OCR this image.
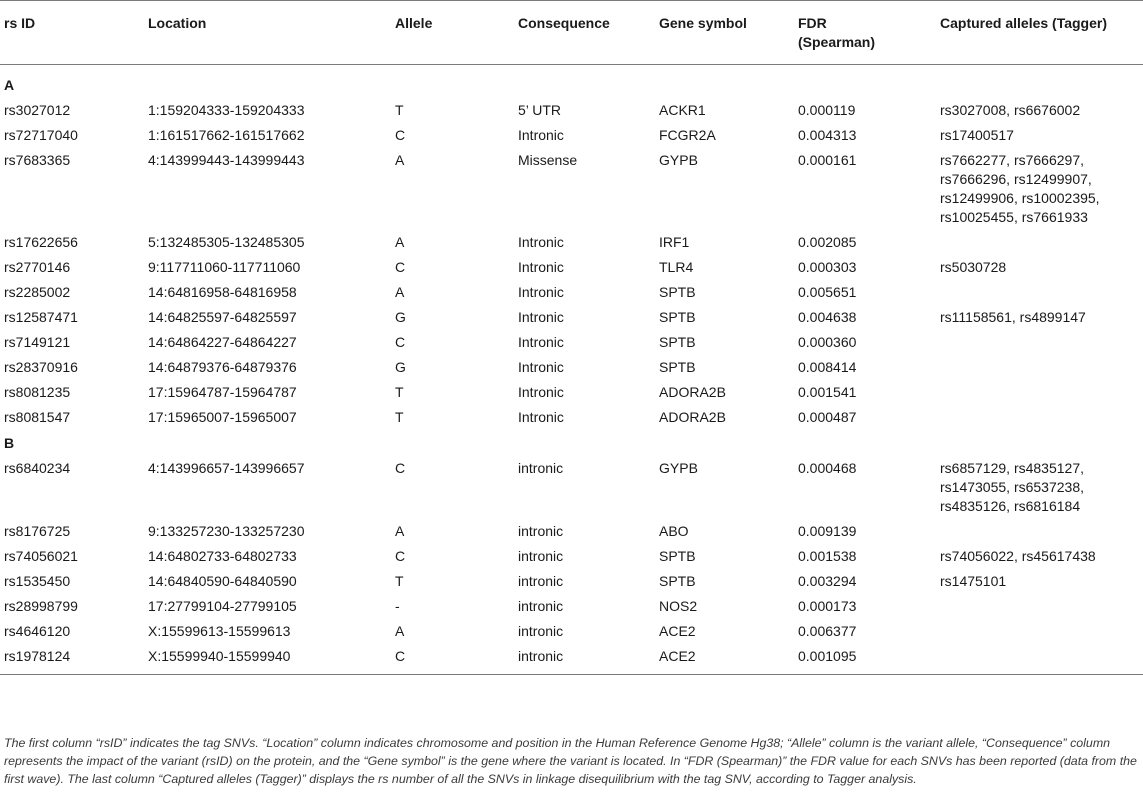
rs ID	Location	Allele	Consequence	Gene symbol	FDR (Spearman)	Captured alleles (Tagger)
A						
rs3027012	1:159204333-159204333	T	5’ UTR	ACKR1	0.000119	rs3027008, rs6676002
rs72717040	1:161517662-161517662	C	Intronic	FCGR2A	0.004313	rs17400517
rs7683365	4:143999443-143999443	A	Missense	GYPB	0.000161	rs7662277, rs7666297, rs7666296, rs12499907, rs12499906, rs10002395, rs10025455, rs7661933
rs17622656	5:132485305-132485305	A	Intronic	IRF1	0.002085	
rs2770146	9:117711060-117711060	C	Intronic	TLR4	0.000303	rs5030728
rs2285002	14:64816958-64816958	A	Intronic	SPTB	0.005651	
rs12587471	14:64825597-64825597	G	Intronic	SPTB	0.004638	rs11158561, rs4899147
rs7149121	14:64864227-64864227	C	Intronic	SPTB	0.000360	
rs28370916	14:64879376-64879376	G	Intronic	SPTB	0.008414	
rs8081235	17:15964787-15964787	T	Intronic	ADORA2B	0.001541	
rs8081547	17:15965007-15965007	T	Intronic	ADORA2B	0.000487	
B						
rs6840234	4:143996657-143996657	C	intronic	GYPB	0.000468	rs6857129, rs4835127, rs1473055, rs6537238, rs4835126, rs6816184
rs8176725	9:133257230-133257230	A	intronic	ABO	0.009139	
rs74056021	14:64802733-64802733	C	intronic	SPTB	0.001538	rs74056022, rs45617438
rs1535450	14:64840590-64840590	T	intronic	SPTB	0.003294	rs1475101
rs28998799	17:27799104-27799105	-	intronic	NOS2	0.000173	
rs4646120	X:15599613-15599613	A	intronic	ACE2	0.006377	
rs1978124	X:15599940-15599940	C	intronic	ACE2	0.001095	

The first column “rsID” indicates the tag SNVs. “Location” column indicates chromosome and position in the Human Reference Genome Hg38; “Allele” column is the variant allele, “Consequence” column represents the impact of the variant (rsID) on the protein, and the “Gene symbol” is the gene where the variant is located. In “FDR (Spearman)” the FDR value for each SNVs has been reported (data from the first wave). The last column “Captured alleles (Tagger)” displays the rs number of all the SNVs in linkage disequilibrium with the tag SNV, according to Tagger analysis.
